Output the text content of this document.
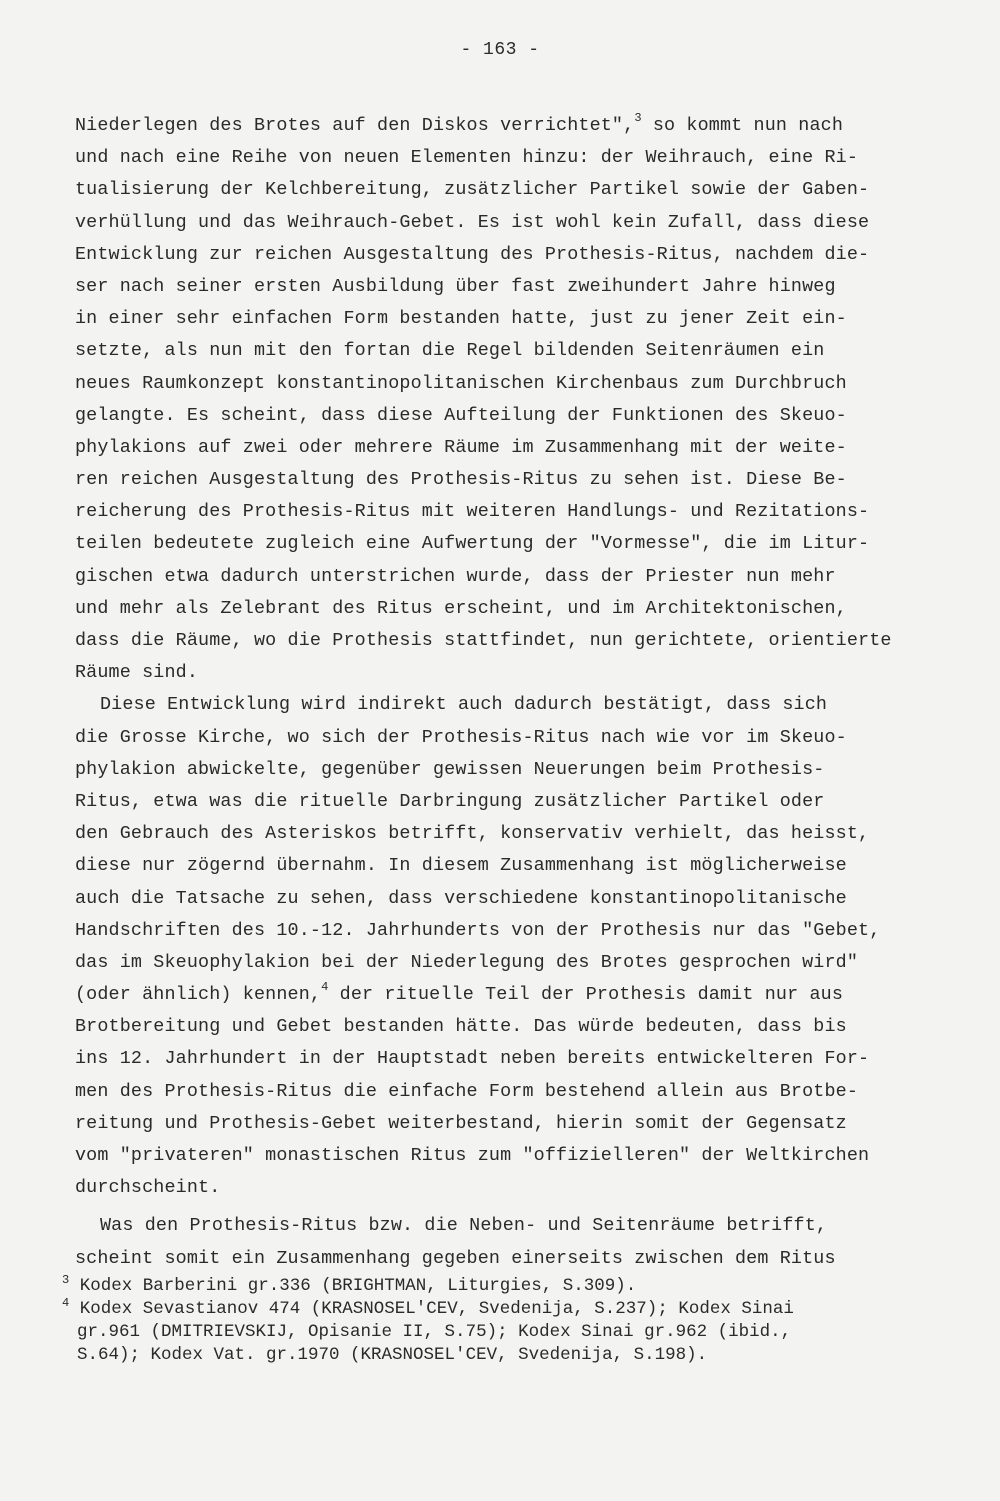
- 163 -
Niederlegen des Brotes auf den Diskos verrichtet",$^3$ so kommt nun nach
und nach eine Reihe von neuen Elementen hinzu: der Weihrauch, eine Ri-
tualisierung der Kelchbereitung, zusätzlicher Partikel sowie der Gaben-
verhüllung und das Weihrauch-Gebet. Es ist wohl kein Zufall, dass diese
Entwicklung zur reichen Ausgestaltung des Prothesis-Ritus, nachdem die-
ser nach seiner ersten Ausbildung über fast zweihundert Jahre hinweg
in einer sehr einfachen Form bestanden hatte, just zu jener Zeit ein-
setzte, als nun mit den fortan die Regel bildenden Seitenräumen ein
neues Raumkonzept konstantinopolitanischen Kirchenbaus zum Durchbruch
gelangte. Es scheint, dass diese Aufteilung der Funktionen des Skeuo-
phylakions auf zwei oder mehrere Räume im Zusammenhang mit der weite-
ren reichen Ausgestaltung des Prothesis-Ritus zu sehen ist. Diese Be-
reicherung des Prothesis-Ritus mit weiteren Handlungs- und Rezitations-
teilen bedeutete zugleich eine Aufwertung der "Vormesse", die im Litur-
gischen etwa dadurch unterstrichen wurde, dass der Priester nun mehr
und mehr als Zelebrant des Ritus erscheint, und im Architektonischen,
dass die Räume, wo die Prothesis stattfindet, nun gerichtete, orientierte
Räume sind.
Diese Entwicklung wird indirekt auch dadurch bestätigt, dass sich
die Grosse Kirche, wo sich der Prothesis-Ritus nach wie vor im Skeuo-
phylakion abwickelte, gegenüber gewissen Neuerungen beim Prothesis-
Ritus, etwa was die rituelle Darbringung zusätzlicher Partikel oder
den Gebrauch des Asteriskos betrifft, konservativ verhielt, das heisst,
diese nur zögernd übernahm. In diesem Zusammenhang ist möglicherweise
auch die Tatsache zu sehen, dass verschiedene konstantinopolitanische
Handschriften des 10.-12. Jahrhunderts von der Prothesis nur das "Gebet,
das im Skeuophylakion bei der Niederlegung des Brotes gesprochen wird"
(oder ähnlich) kennen,$^4$ der rituelle Teil der Prothesis damit nur aus
Brotbereitung und Gebet bestanden hätte. Das würde bedeuten, dass bis
ins 12. Jahrhundert in der Hauptstadt neben bereits entwickelteren For-
men des Prothesis-Ritus die einfache Form bestehend allein aus Brotbe-
reitung und Prothesis-Gebet weiterbestand, hierin somit der Gegensatz
vom "privateren" monastischen Ritus zum "offizielleren" der Weltkirchen
durchscheint.
Was den Prothesis-Ritus bzw. die Neben- und Seitenräume betrifft,
scheint somit ein Zusammenhang gegeben einerseits zwischen dem Ritus
$^3$ Kodex Barberini gr.336 (BRIGHTMAN, Liturgies, S.309).
$^4$ Kodex Sevastianov 474 (KRASNOSEL'CEV, Svedenija, S.237); Kodex Sinai
gr.961 (DMITRIEVSKIJ, Opisanie II, S.75); Kodex Sinai gr.962 (ibid.,
S.64); Kodex Vat. gr.1970 (KRASNOSEL'CEV, Svedenija, S.198).
